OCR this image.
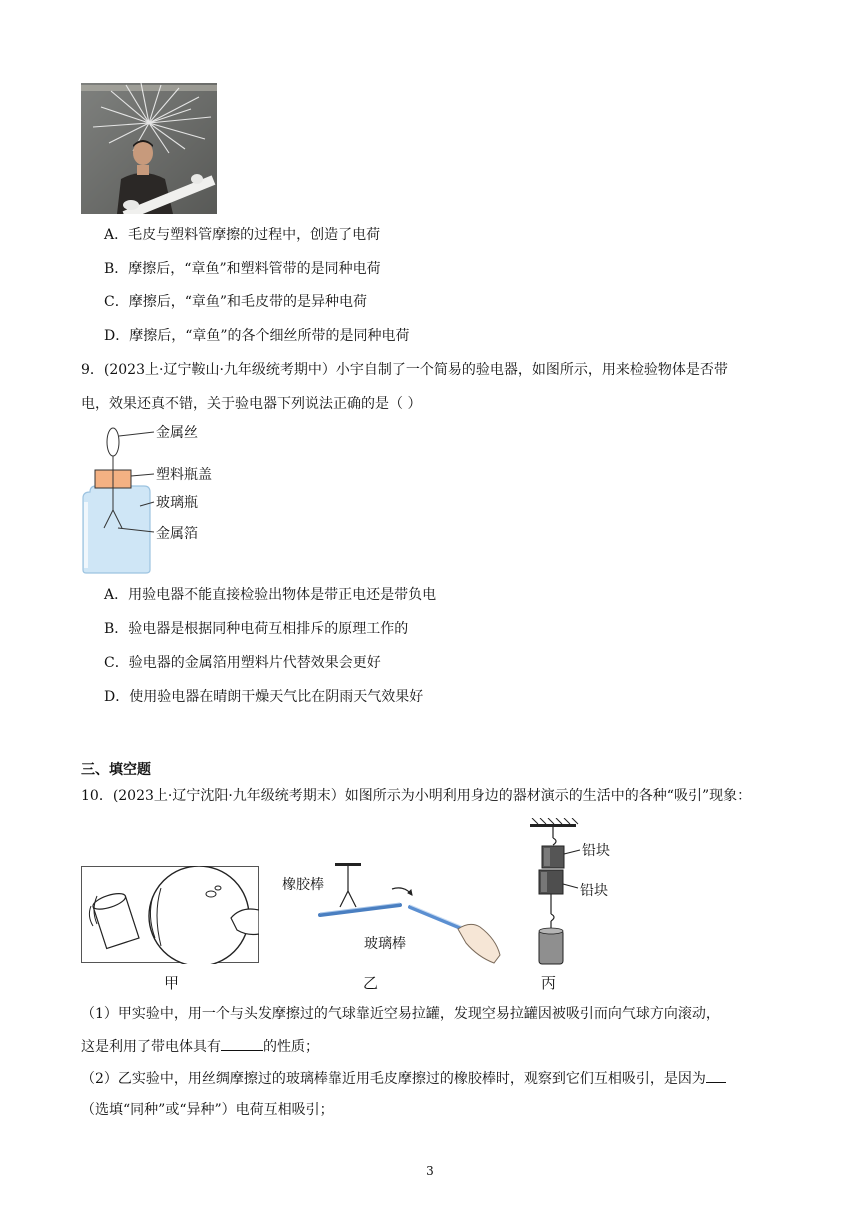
A．毛皮与塑料管摩擦的过程中，创造了电荷
B．摩擦后，“章鱼”和塑料管带的是同种电荷
C．摩擦后，“章鱼”和毛皮带的是异种电荷
D．摩擦后，“章鱼”的各个细丝所带的是同种电荷
9．(2023上·辽宁鞍山·九年级统考期中）小宇自制了一个简易的验电器，如图所示，用来检验物体是否带
电，效果还真不错，关于验电器下列说法正确的是（ ）
金属丝
塑料瓶盖
玻璃瓶
金属箔
A．用验电器不能直接检验出物体是带正电还是带负电
B．验电器是根据同种电荷互相排斥的原理工作的
C．验电器的金属箔用塑料片代替效果会更好
D．使用验电器在晴朗干燥天气比在阴雨天气效果好
三、填空题
10．(2023上·辽宁沈阳·九年级统考期末）如图所示为小明利用身边的器材演示的生活中的各种“吸引”现象：
甲
橡胶棒
玻璃棒
乙
铅块
铅块
丙
（1）甲实验中，用一个与头发摩擦过的气球靠近空易拉罐，发现空易拉罐因被吸引而向气球方向滚动，
这是利用了带电体具有	的性质；
（2）乙实验中，用丝绸摩擦过的玻璃棒靠近用毛皮摩擦过的橡胶棒时，观察到它们互相吸引，是因为
（选填“同种”或“异种”）电荷互相吸引；
3
